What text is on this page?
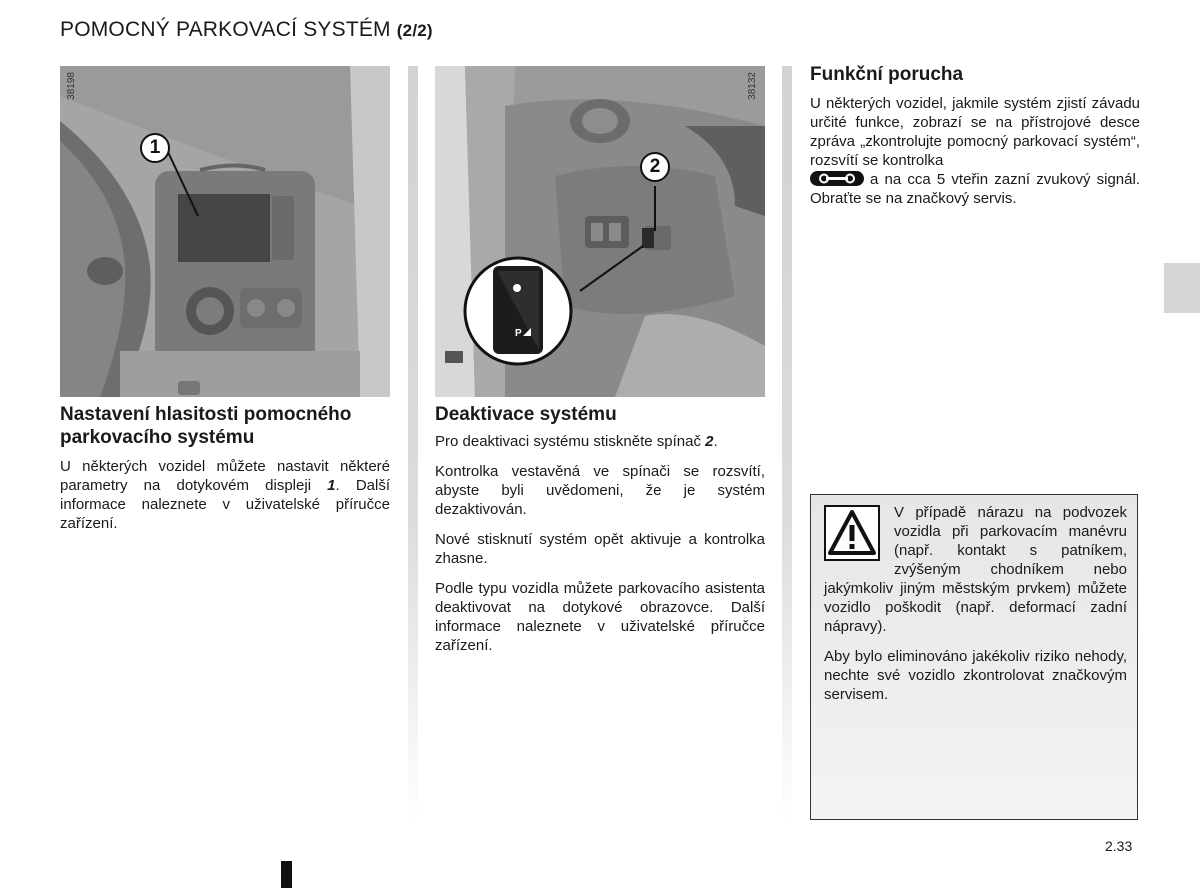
POMOCNÝ PARKOVACÍ SYSTÉM (2/2)
38198
1
P
38132
2
Nastavení hlasitosti pomocného parkovacího systému

U některých vozidel můžete nastavit některé parametry na dotykovém displeji 1. Další informace naleznete v uživatelské příručce zařízení.

Deaktivace systému

Pro deaktivaci systému stiskněte spínač 2.

Kontrolka vestavěná ve spínači se rozsvítí, abyste byli uvědomeni, že je systém dezaktivován.

Nové stisknutí systém opět aktivuje a kontrolka zhasne.

Podle typu vozidla můžete parkovacího asistenta deaktivovat na dotykové obrazovce. Další informace naleznete v uživatelské příručce zařízení.

Funkční porucha

U některých vozidel, jakmile systém zjistí závadu určité funkce, zobrazí se na přístrojové desce zpráva „zkontrolujte pomocný parkovací systém“, rozsvítí se kontrolka
a na cca 5 vteřin zazní zvukový signál. Obraťte se na značkový servis.

V případě nárazu na podvozek vozidla při parkovacím manévru (např. kontakt s patníkem, zvýšeným chodníkem nebo jakýmkoliv jiným městským prvkem) můžete vozidlo poškodit (např. deformací zadní nápravy).

Aby bylo eliminováno jakékoliv riziko nehody, nechte své vozidlo zkontrolovat značkovým servisem.

2.33
